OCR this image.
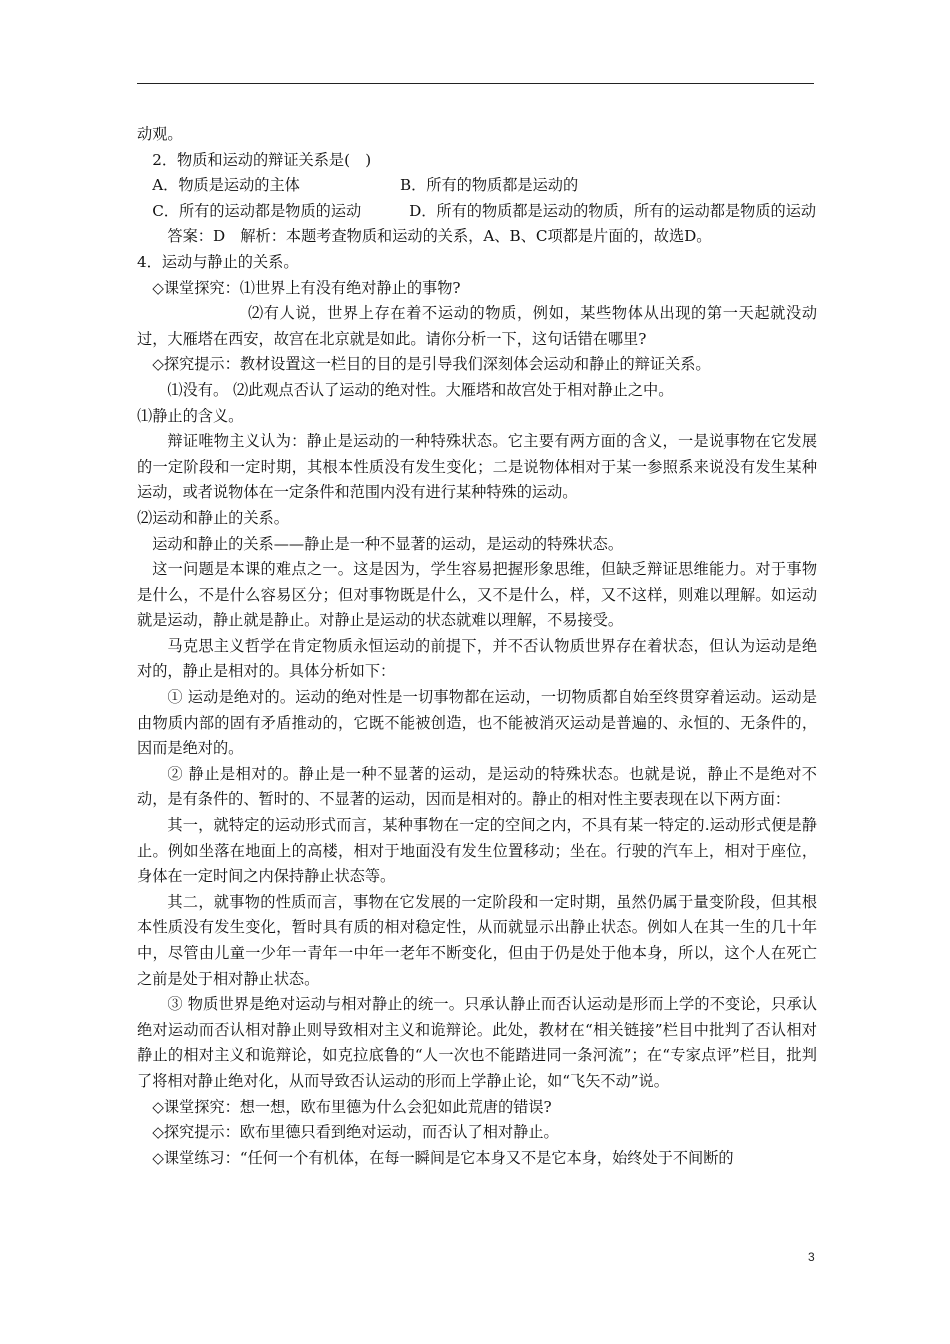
动观。

2．物质和运动的辩证关系是(　)

A．物质是运动的主体	B．所有的物质都是运动的

C．所有的运动都是物质的运动	D．所有的物质都是运动的物质，所有的运动都是物质的运动

答案：D　解析：本题考查物质和运动的关系，A、B、C项都是片面的，故选D。

4．运动与静止的关系。

◇课堂探究：⑴世界上有没有绝对静止的事物?

⑵有人说，世界上存在着不运动的物质，例如，某些物体从出现的第一天起就没动过，大雁塔在西安，故宫在北京就是如此。请你分析一下，这句话错在哪里?

◇探究提示：教材设置这一栏目的目的是引导我们深刻体会运动和静止的辩证关系。

⑴没有。 ⑵此观点否认了运动的绝对性。大雁塔和故宫处于相对静止之中。

⑴静止的含义。

辩证唯物主义认为：静止是运动的一种特殊状态。它主要有两方面的含义，一是说事物在它发展的一定阶段和一定时期，其根本性质没有发生变化；二是说物体相对于某一参照系来说没有发生某种运动，或者说物体在一定条件和范围内没有进行某种特殊的运动。

⑵运动和静止的关系。

运动和静止的关系——静止是一种不显著的运动，是运动的特殊状态。

这一问题是本课的难点之一。这是因为，学生容易把握形象思维，但缺乏辩证思维能力。对于事物是什么，不是什么容易区分；但对事物既是什么，又不是什么，样，又不这样，则难以理解。如运动就是运动，静止就是静止。对静止是运动的状态就难以理解，不易接受。

马克思主义哲学在肯定物质永恒运动的前提下，并不否认物质世界存在着状态，但认为运动是绝对的，静止是相对的。具体分析如下：

① 运动是绝对的。运动的绝对性是一切事物都在运动，一切物质都自始至终贯穿着运动。运动是由物质内部的固有矛盾推动的，它既不能被创造，也不能被消灭运动是普遍的、永恒的、无条件的，因而是绝对的。

② 静止是相对的。静止是一种不显著的运动，是运动的特殊状态。也就是说，静止不是绝对不动，是有条件的、暂时的、不显著的运动，因而是相对的。静止的相对性主要表现在以下两方面：

其一，就特定的运动形式而言，某种事物在一定的空间之内，不具有某一特定的.运动形式便是静止。例如坐落在地面上的高楼，相对于地面没有发生位置移动；坐在。行驶的汽车上，相对于座位，身体在一定时间之内保持静止状态等。

其二，就事物的性质而言，事物在它发展的一定阶段和一定时期，虽然仍属于量变阶段，但其根本性质没有发生变化，暂时具有质的相对稳定性，从而就显示出静止状态。例如人在其一生的几十年中，尽管由儿童一少年一青年一中年一老年不断变化，但由于仍是处于他本身，所以，这个人在死亡之前是处于相对静止状态。

③ 物质世界是绝对运动与相对静止的统一。只承认静止而否认运动是形而上学的不变论，只承认绝对运动而否认相对静止则导致相对主义和诡辩论。此处，教材在“相关链接”栏目中批判了否认相对静止的相对主义和诡辩论，如克拉底鲁的“人一次也不能踏进同一条河流”；在“专家点评”栏目，批判了将相对静止绝对化，从而导致否认运动的形而上学静止论，如“飞矢不动”说。

◇课堂探究：想一想，欧布里德为什么会犯如此荒唐的错误?

◇探究提示：欧布里德只看到绝对运动，而否认了相对静止。

◇课堂练习：“任何一个有机体，在每一瞬间是它本身又不是它本身，始终处于不间断的

3
